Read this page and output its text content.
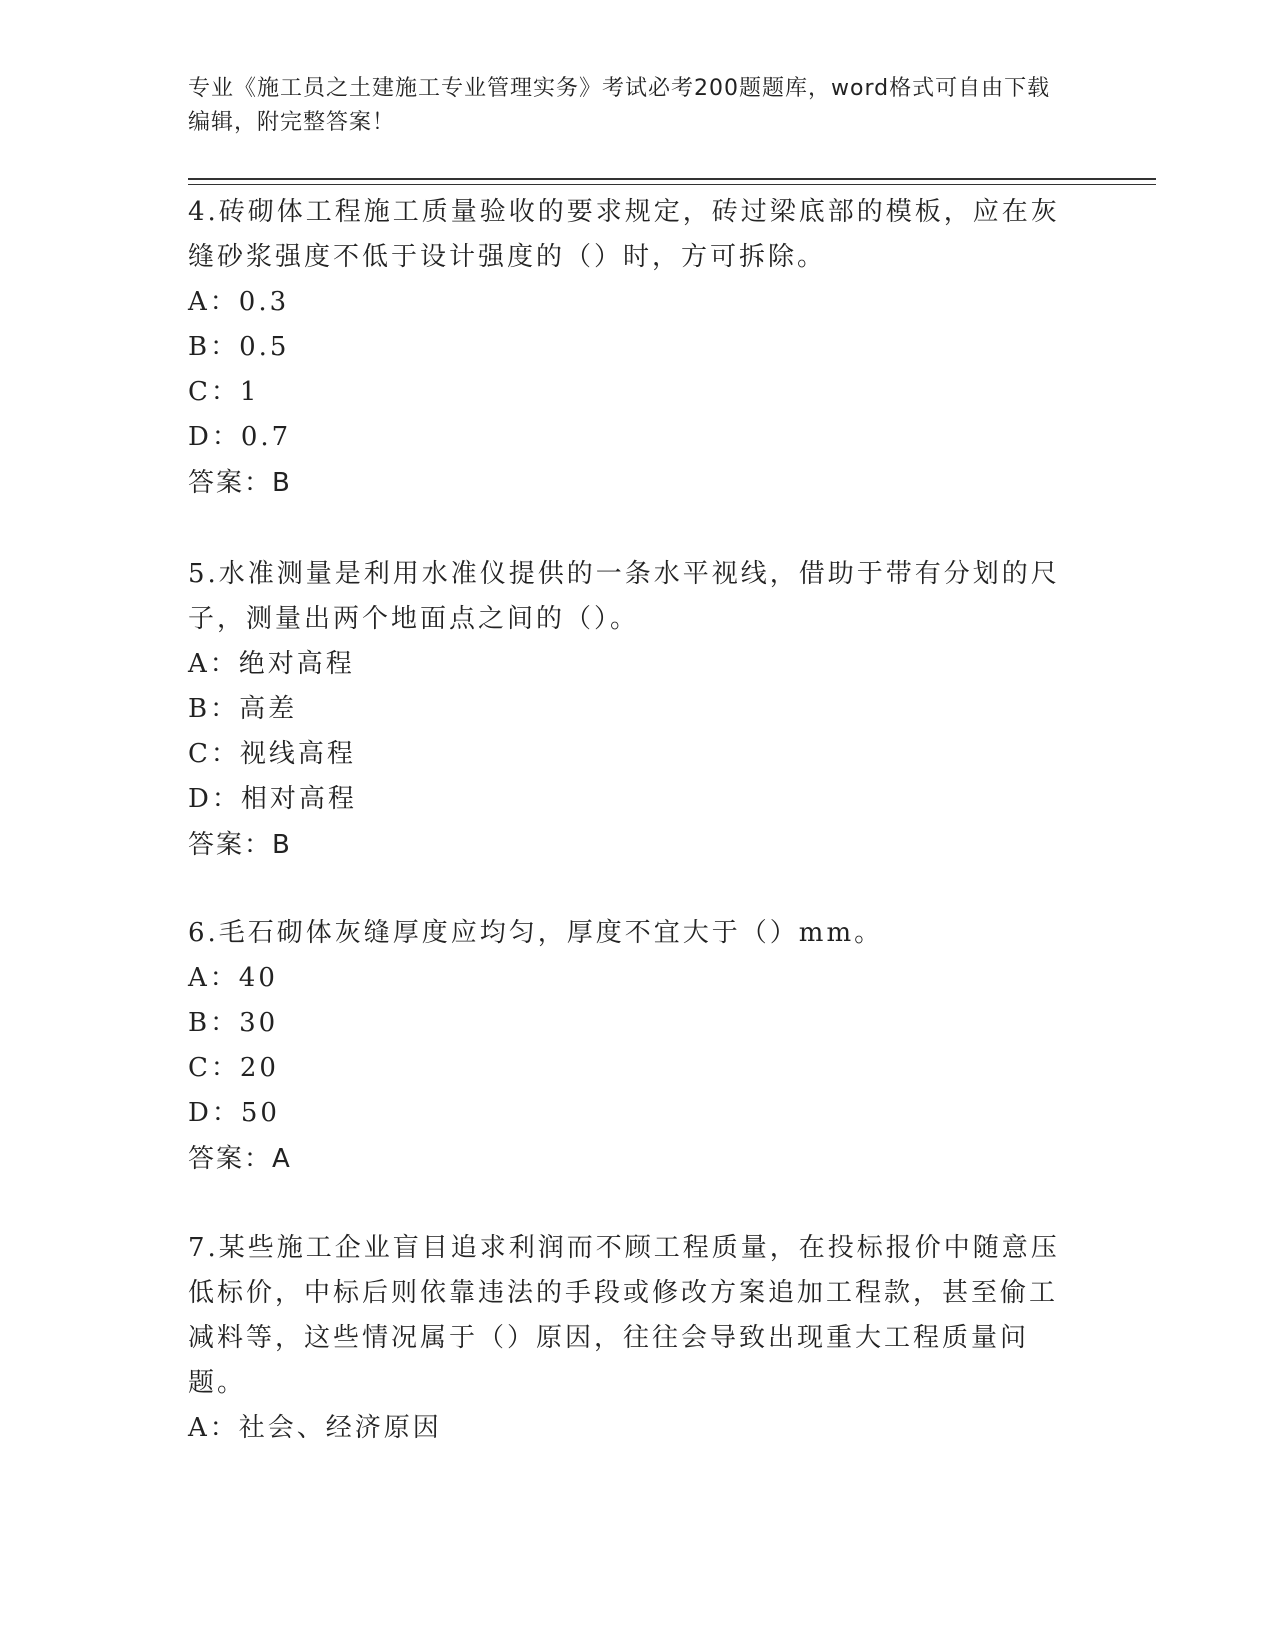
专业《施工员之土建施工专业管理实务》考试必考200题题库，word格式可自由下载编辑，附完整答案！

4.砖砌体工程施工质量验收的要求规定，砖过梁底部的模板，应在灰缝砂浆强度不低于设计强度的（）时，方可拆除。

A：0.3

B：0.5

C：1

D：0.7

答案：B

5.水准测量是利用水准仪提供的一条水平视线，借助于带有分划的尺子，测量出两个地面点之间的（）。

A：绝对高程

B：高差

C：视线高程

D：相对高程

答案：B

6.毛石砌体灰缝厚度应均匀，厚度不宜大于（）mm。

A：40

B：30

C：20

D：50

答案：A

7.某些施工企业盲目追求利润而不顾工程质量，在投标报价中随意压低标价，中标后则依靠违法的手段或修改方案追加工程款，甚至偷工减料等，这些情况属于（）原因，往往会导致出现重大工程质量问题。

A：社会、经济原因
